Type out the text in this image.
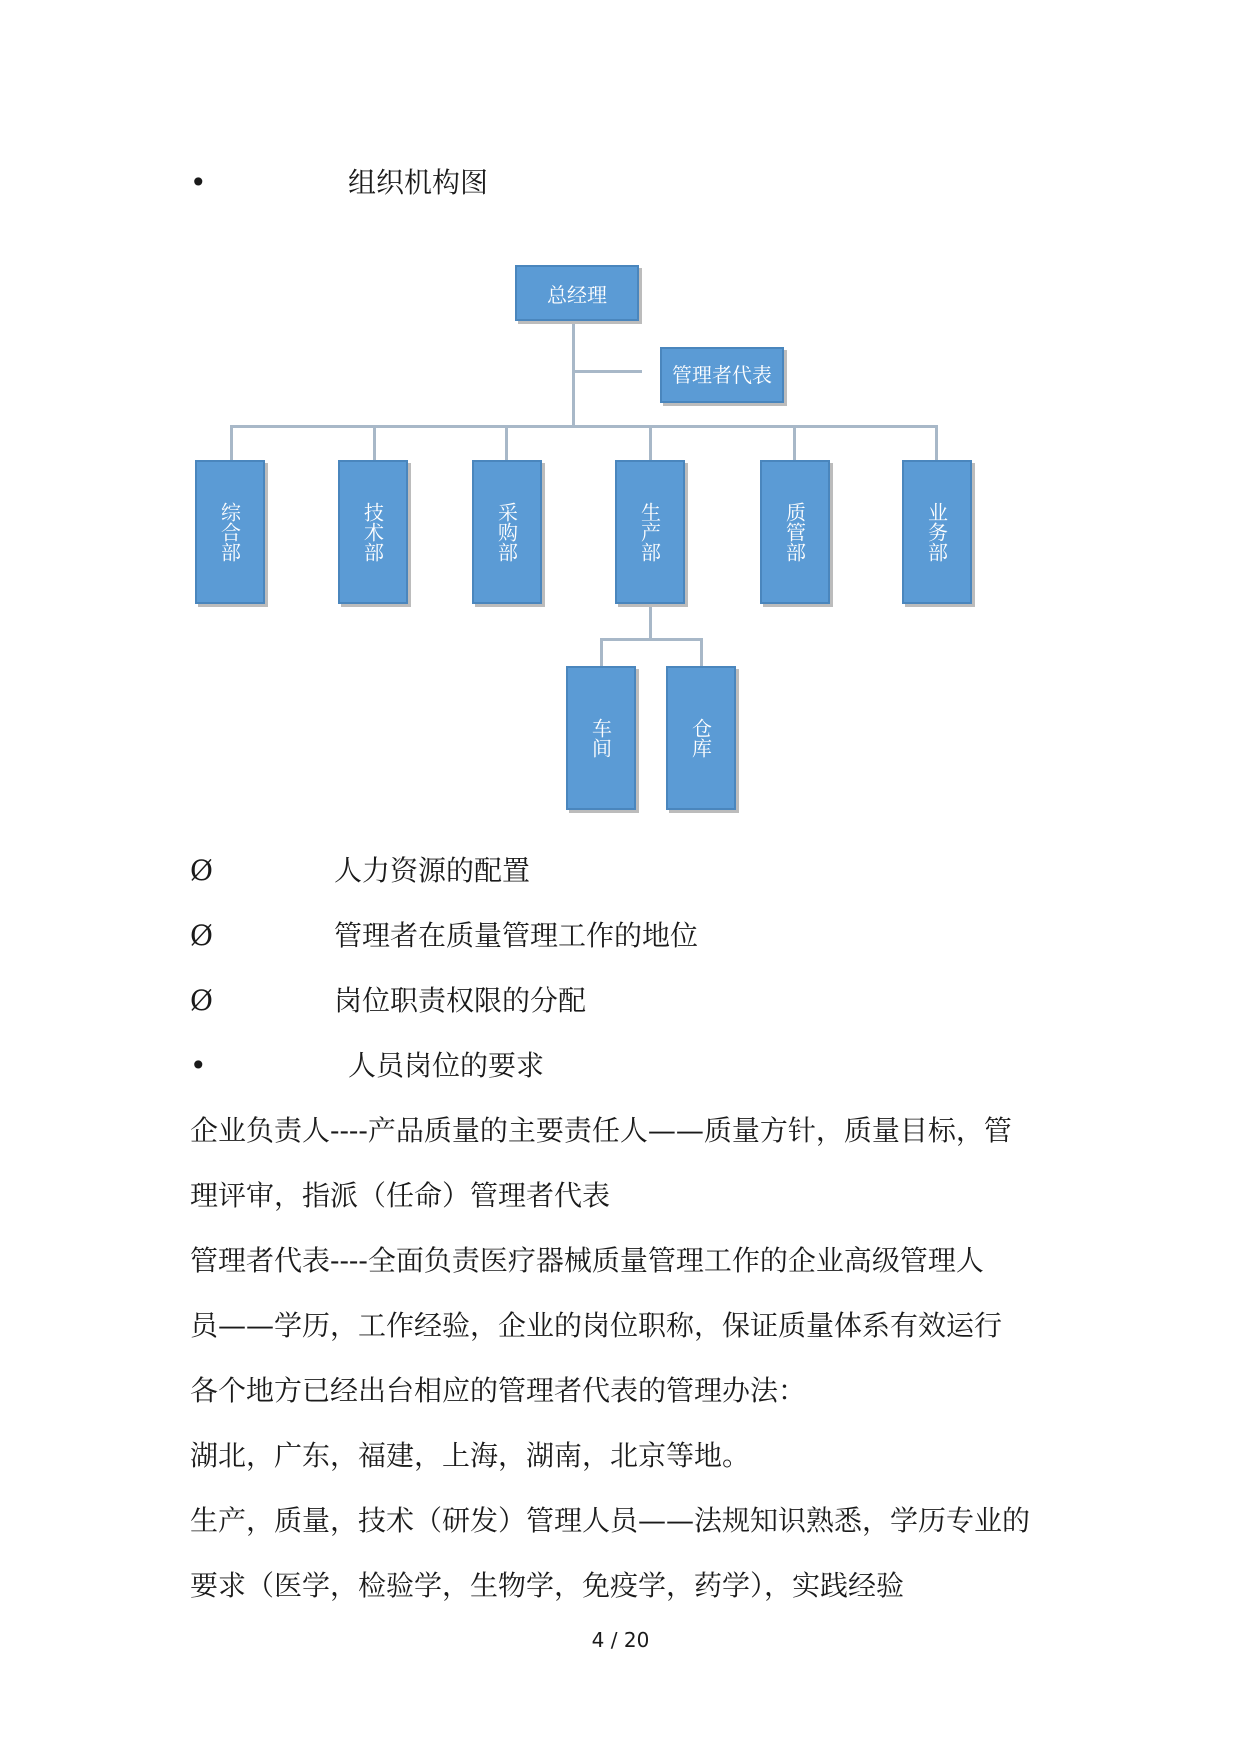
•	组织机构图
总经理
管理者代表
综合部	技术部	采购部	生产部	质管部	业务部
车间	仓库
Ø	人力资源的配置
Ø	管理者在质量管理工作的地位
Ø	岗位职责权限的分配
•	人员岗位的要求
企业负责人----产品质量的主要责任人——质量方针，质量目标，管
理评审，指派（任命）管理者代表
管理者代表----全面负责医疗器械质量管理工作的企业高级管理人
员——学历，工作经验，企业的岗位职称，保证质量体系有效运行
各个地方已经出台相应的管理者代表的管理办法：
湖北，广东，福建，上海，湖南，北京等地。
生产，质量，技术（研发）管理人员——法规知识熟悉，学历专业的
要求（医学，检验学，生物学，免疫学，药学），实践经验
4 / 20
